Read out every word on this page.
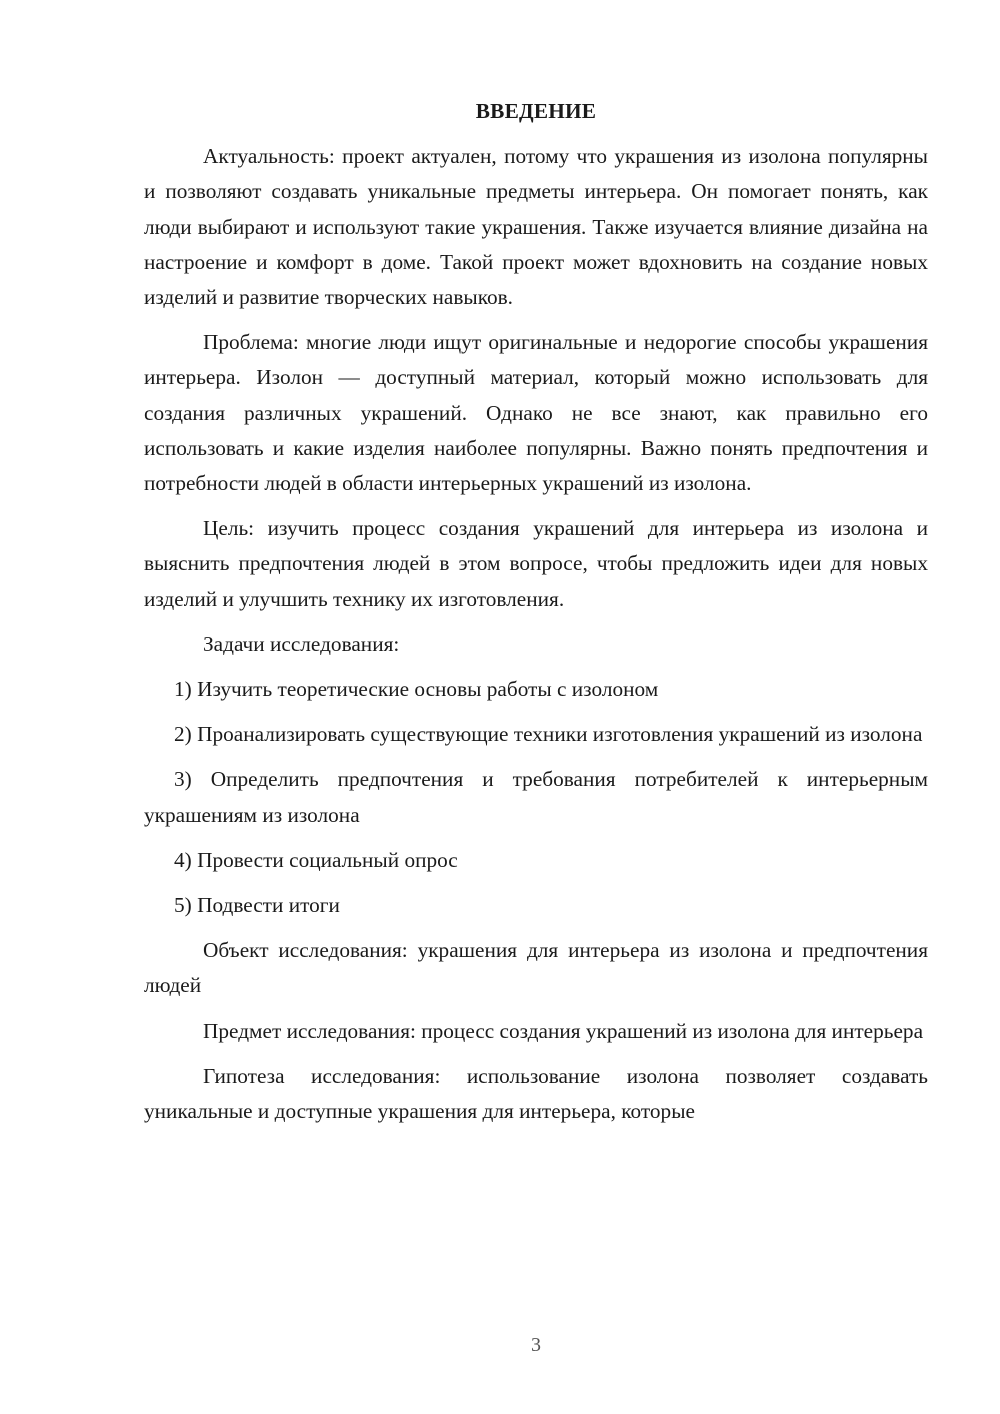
ВВЕДЕНИЕ
Актуальность: проект актуален, потому что украшения из изолона популярны и позволяют создавать уникальные предметы интерьера. Он помогает понять, как люди выбирают и используют такие украшения. Также изучается влияние дизайна на настроение и комфорт в доме. Такой проект может вдохновить на создание новых изделий и развитие творческих навыков.
Проблема: многие люди ищут оригинальные и недорогие способы украшения интерьера. Изолон — доступный материал, который можно использовать для создания различных украшений. Однако не все знают, как правильно его использовать и какие изделия наиболее популярны. Важно понять предпочтения и потребности людей в области интерьерных украшений из изолона.
Цель: изучить процесс создания украшений для интерьера из изолона и выяснить предпочтения людей в этом вопросе, чтобы предложить идеи для новых изделий и улучшить технику их изготовления.
Задачи исследования:
1) Изучить теоретические основы работы с изолоном
2) Проанализировать существующие техники изготовления украшений из изолона
3) Определить предпочтения и требования потребителей к интерьерным украшениям из изолона
4) Провести социальный опрос
5) Подвести итоги
Объект исследования: украшения для интерьера из изолона и предпочтения людей
Предмет исследования: процесс создания украшений из изолона для интерьера
Гипотеза исследования: использование изолона позволяет создавать уникальные и доступные украшения для интерьера, которые
3
